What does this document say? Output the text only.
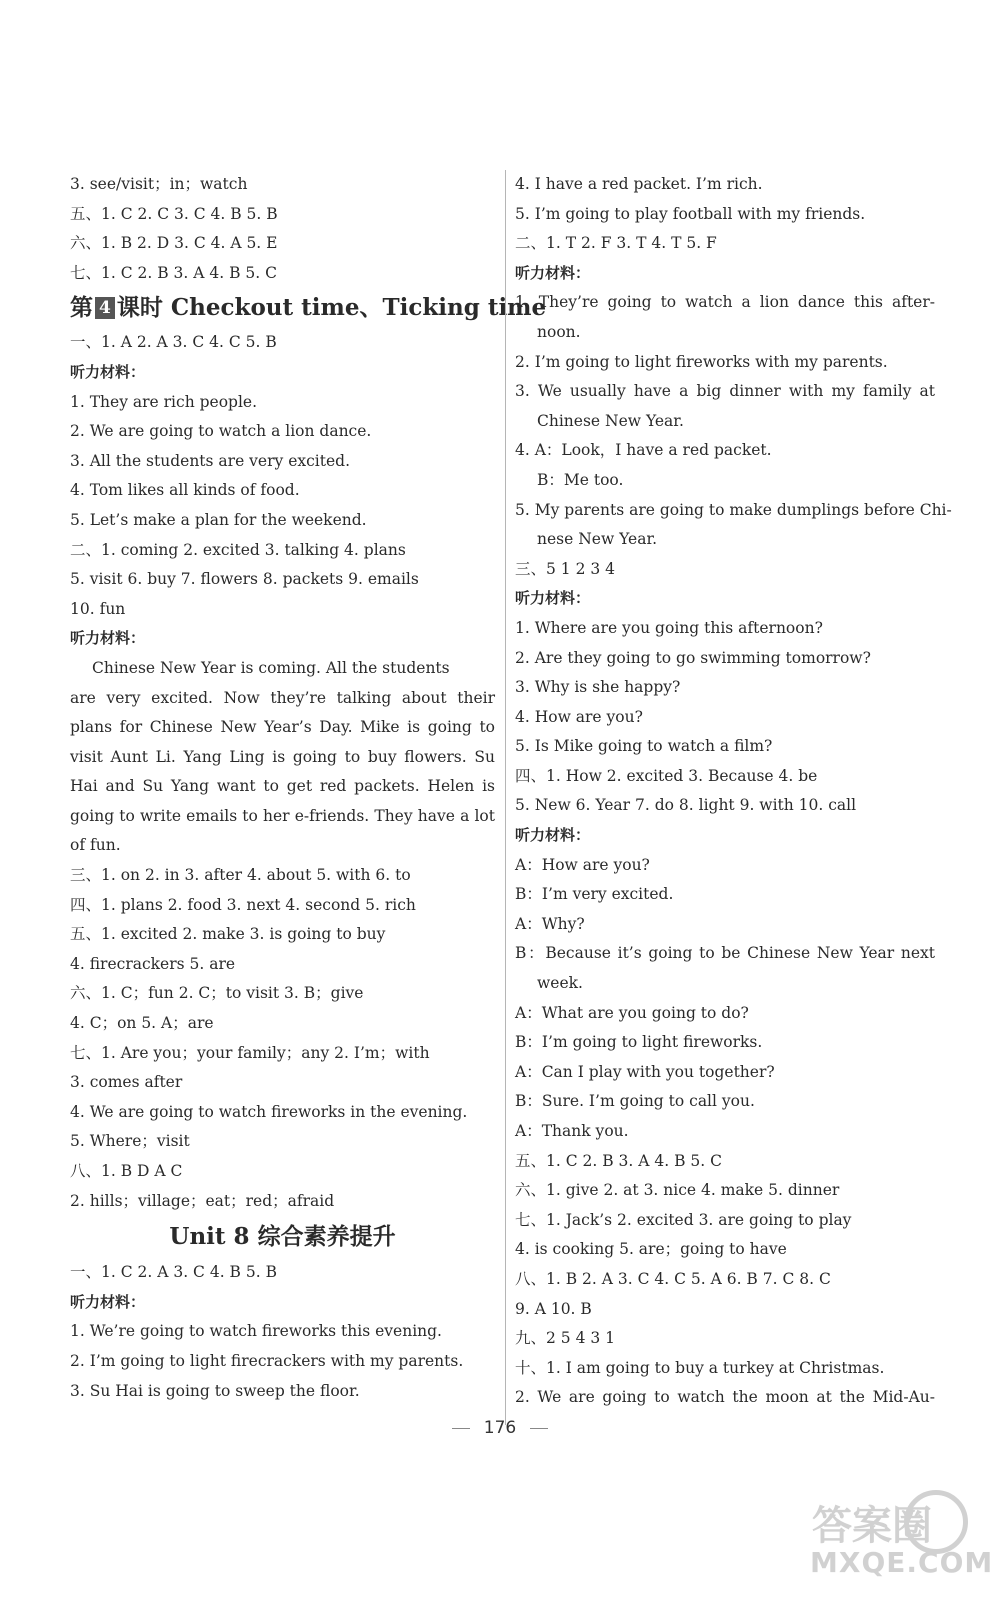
3. see/visit；in；watch
五、1. C 2. C 3. C 4. B 5. B
六、1. B 2. D 3. C 4. A 5. E
七、1. C 2. B 3. A 4. B 5. C
第 4 课时 Checkout time、Ticking time
一、1. A 2. A 3. C 4. C 5. B
听力材料：
1. They are rich people.
2. We are going to watch a lion dance.
3. All the students are very excited.
4. Tom likes all kinds of food.
5. Let’s make a plan for the weekend.
二、1. coming 2. excited 3. talking 4. plans
5. visit 6. buy 7. flowers 8. packets 9. emails
10. fun
听力材料：
Chinese New Year is coming. All the students
are very excited. Now they’re talking about their
plans for Chinese New Year’s Day. Mike is going to
visit Aunt Li. Yang Ling is going to buy flowers. Su
Hai and Su Yang want to get red packets. Helen is
going to write emails to her e-friends. They have a lot
of fun.
三、1. on 2. in 3. after 4. about 5. with 6. to
四、1. plans 2. food 3. next 4. second 5. rich
五、1. excited 2. make 3. is going to buy
4. firecrackers 5. are
六、1. C；fun 2. C；to visit 3. B；give
4. C；on 5. A；are
七、1. Are you；your family；any 2. I’m；with
3. comes after
4. We are going to watch fireworks in the evening.
5. Where；visit
八、1. B D A C
2. hills；village；eat；red；afraid
Unit 8 综合素养提升
一、1. C 2. A 3. C 4. B 5. B
听力材料：
1. We’re going to watch fireworks this evening.
2. I’m going to light firecrackers with my parents.
3. Su Hai is going to sweep the floor.
4. I have a red packet. I’m rich.
5. I’m going to play football with my friends.
二、1. T 2. F 3. T 4. T 5. F
听力材料：
1. They’re going to watch a lion dance this after-
noon.
2. I’m going to light fireworks with my parents.
3. We usually have a big dinner with my family at
Chinese New Year.
4. A：Look，I have a red packet.
B：Me too.
5. My parents are going to make dumplings before Chi-
nese New Year.
三、5 1 2 3 4
听力材料：
1. Where are you going this afternoon?
2. Are they going to go swimming tomorrow?
3. Why is she happy?
4. How are you?
5. Is Mike going to watch a film?
四、1. How 2. excited 3. Because 4. be
5. New 6. Year 7. do 8. light 9. with 10. call
听力材料：
A：How are you?
B：I’m very excited.
A：Why?
B：Because it’s going to be Chinese New Year next
week.
A：What are you going to do?
B：I’m going to light fireworks.
A：Can I play with you together?
B：Sure. I’m going to call you.
A：Thank you.
五、1. C 2. B 3. A 4. B 5. C
六、1. give 2. at 3. nice 4. make 5. dinner
七、1. Jack’s 2. excited 3. are going to play
4. is cooking 5. are；going to have
八、1. B 2. A 3. C 4. C 5. A 6. B 7. C 8. C
9. A 10. B
九、2 5 4 3 1
十、1. I am going to buy a turkey at Christmas.
2. We are going to watch the moon at the Mid-Au-
176
答案圈
MXQE.COM
